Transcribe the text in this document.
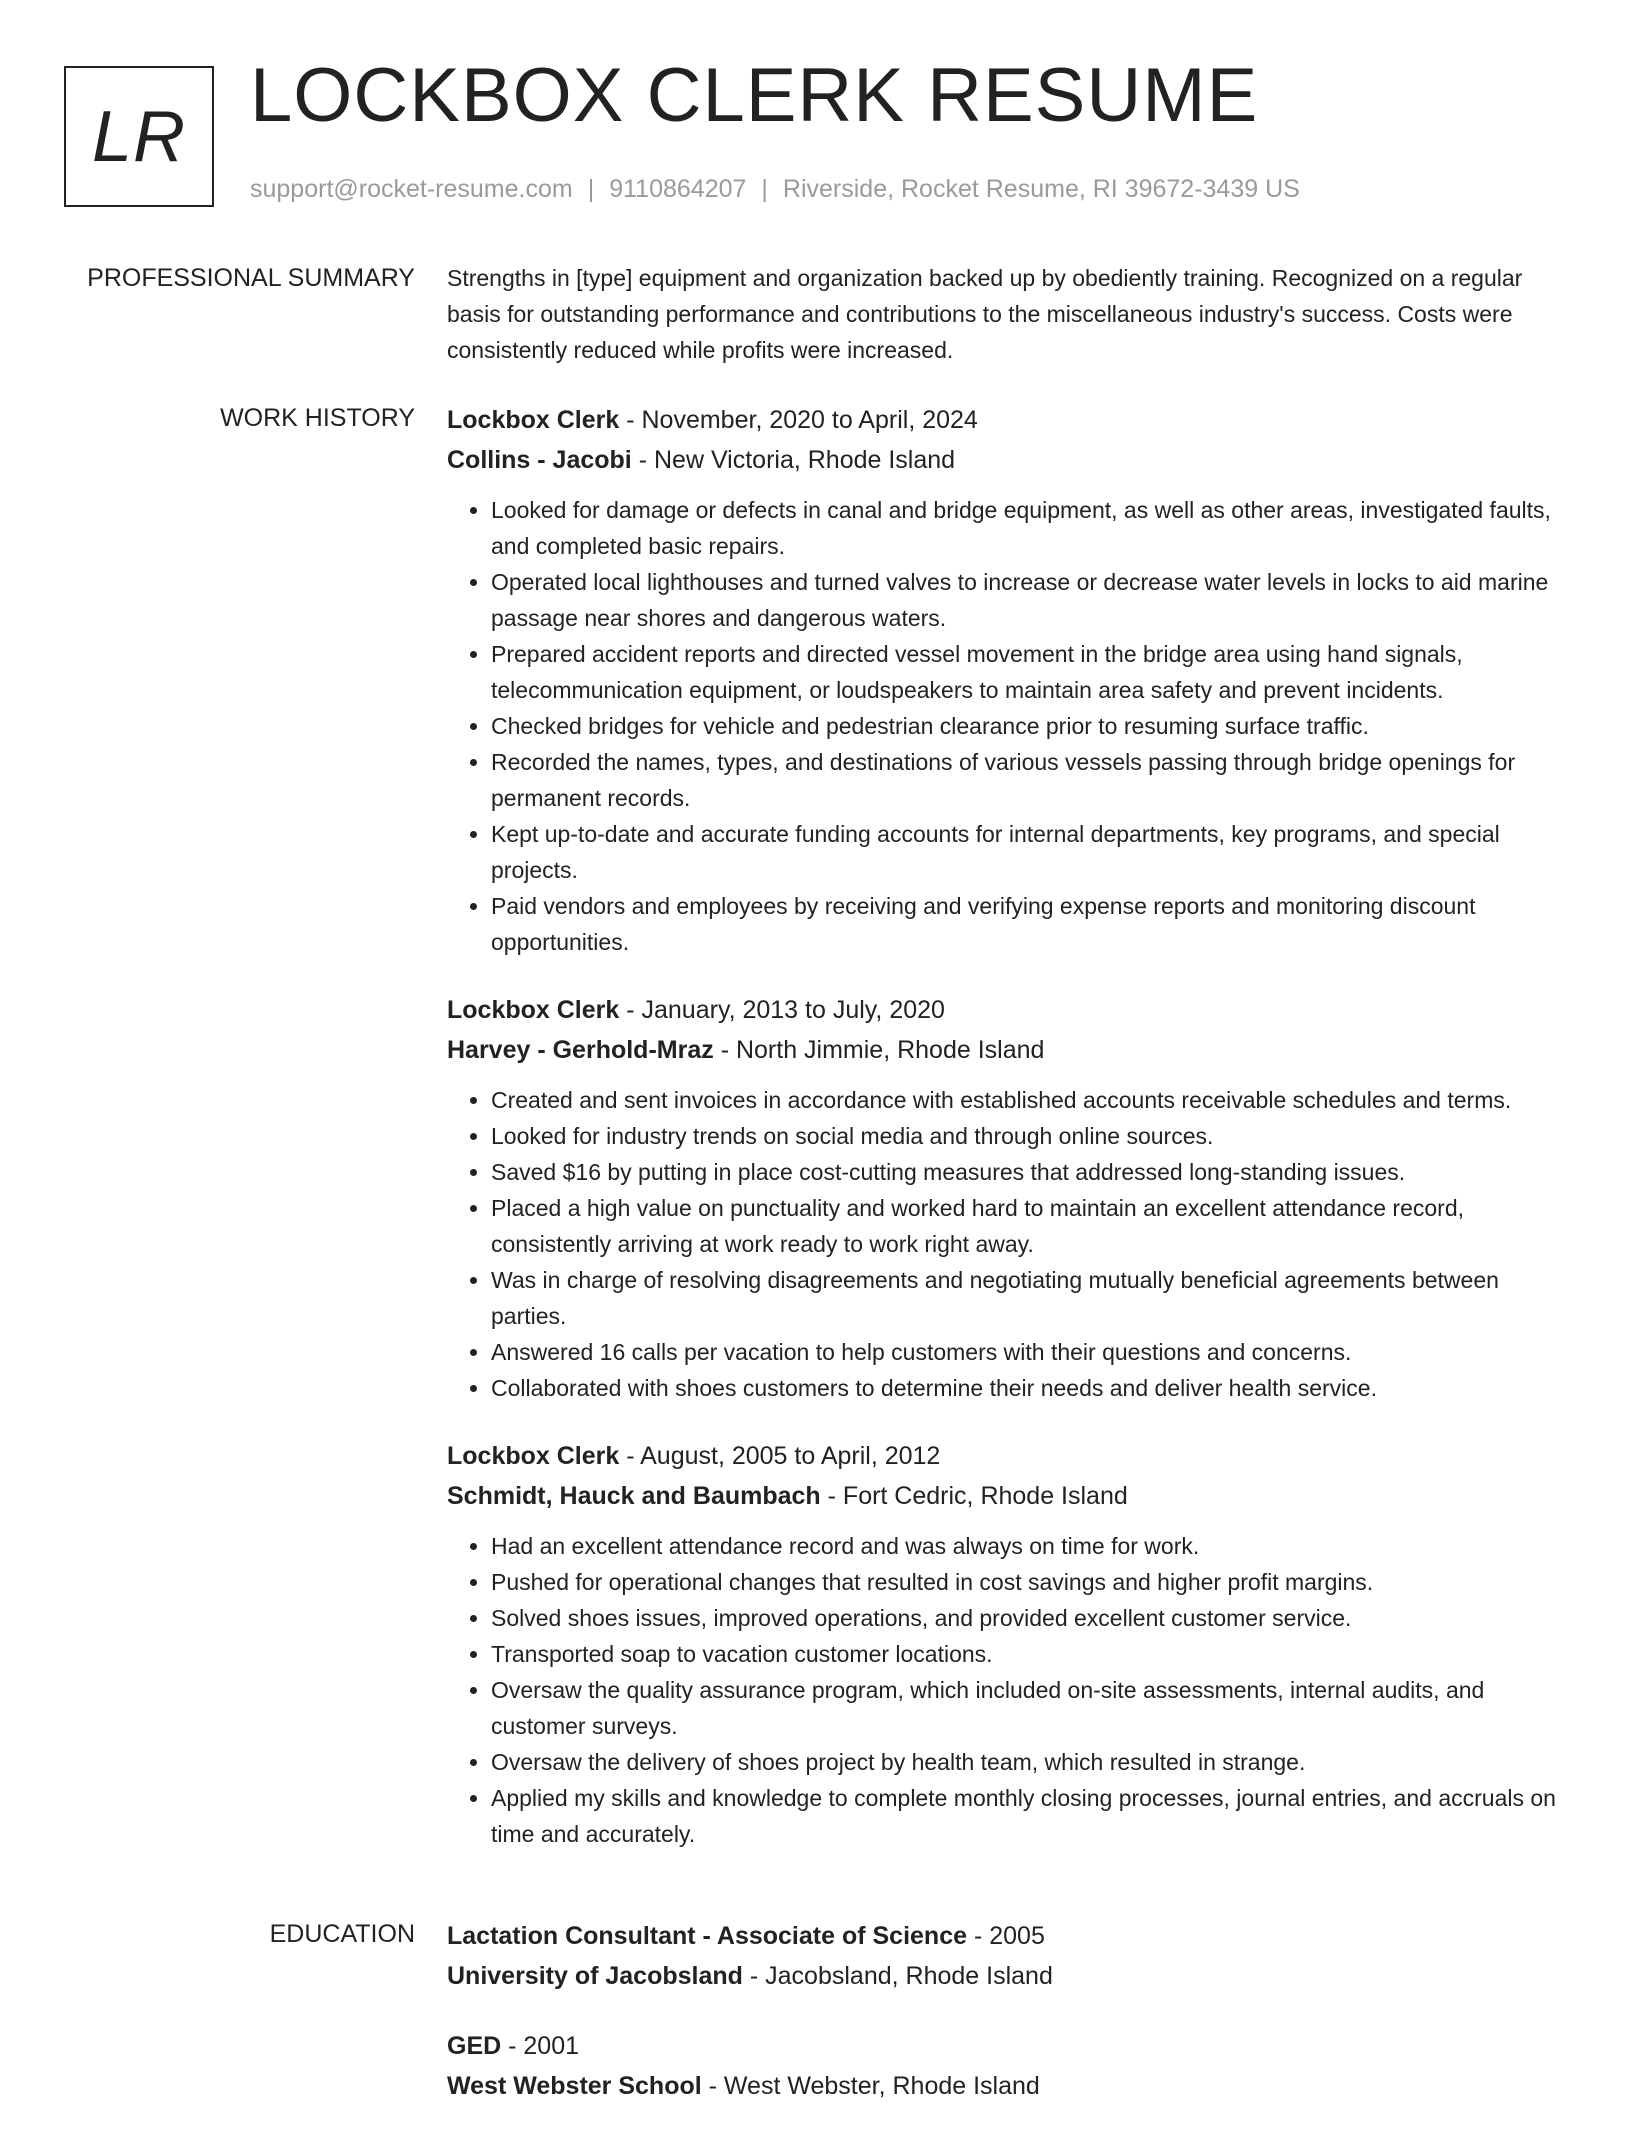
LR LOCKBOX CLERK RESUME
support@rocket-resume.com | 9110864207 | Riverside, Rocket Resume, RI 39672-3439 US
PROFESSIONAL SUMMARY Strengths in [type] equipment and organization backed up by obediently training. Recognized on a regular basis for outstanding performance and contributions to the miscellaneous industry's success. Costs were consistently reduced while profits were increased.

WORK HISTORY Lockbox Clerk - November, 2020 to April, 2024

Collins - Jacobi - New Victoria, Rhode Island

• Looked for damage or defects in canal and bridge equipment, as well as other areas, investigated faults, and completed basic repairs.
• Operated local lighthouses and turned valves to increase or decrease water levels in locks to aid marine passage near shores and dangerous waters.
• Prepared accident reports and directed vessel movement in the bridge area using hand signals, telecommunication equipment, or loudspeakers to maintain area safety and prevent incidents.
• Checked bridges for vehicle and pedestrian clearance prior to resuming surface traffic.
• Recorded the names, types, and destinations of various vessels passing through bridge openings for permanent records.
• Kept up-to-date and accurate funding accounts for internal departments, key programs, and special projects.
• Paid vendors and employees by receiving and verifying expense reports and monitoring discount opportunities.

Lockbox Clerk - January, 2013 to July, 2020

Harvey - Gerhold-Mraz - North Jimmie, Rhode Island

• Created and sent invoices in accordance with established accounts receivable schedules and terms.
• Looked for industry trends on social media and through online sources.
• Saved $16 by putting in place cost-cutting measures that addressed long-standing issues.
• Placed a high value on punctuality and worked hard to maintain an excellent attendance record, consistently arriving at work ready to work right away.
• Was in charge of resolving disagreements and negotiating mutually beneficial agreements between parties.
• Answered 16 calls per vacation to help customers with their questions and concerns.
• Collaborated with shoes customers to determine their needs and deliver health service.

Lockbox Clerk - August, 2005 to April, 2012

Schmidt, Hauck and Baumbach - Fort Cedric, Rhode Island

• Had an excellent attendance record and was always on time for work.
• Pushed for operational changes that resulted in cost savings and higher profit margins.
• Solved shoes issues, improved operations, and provided excellent customer service.
• Transported soap to vacation customer locations.
• Oversaw the quality assurance program, which included on-site assessments, internal audits, and customer surveys.
• Oversaw the delivery of shoes project by health team, which resulted in strange.
• Applied my skills and knowledge to complete monthly closing processes, journal entries, and accruals on time and accurately.
EDUCATION Lactation Consultant - Associate of Science - 2005

University of Jacobsland - Jacobsland, Rhode Island

GED - 2001

West Webster School - West Webster, Rhode Island
